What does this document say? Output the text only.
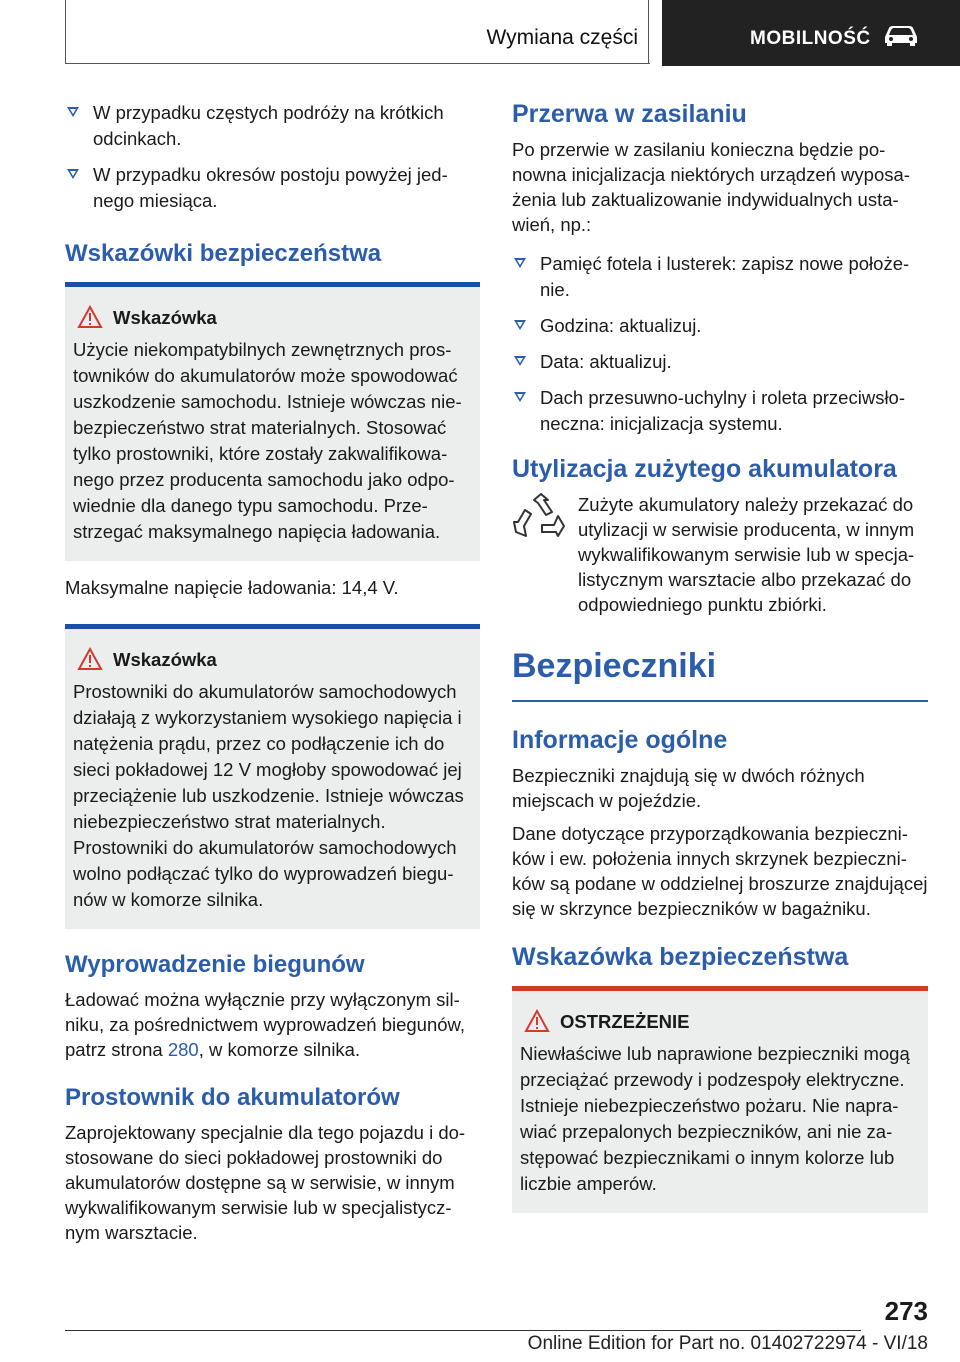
Wymiana części	MOBILNOŚĆ
W przypadku częstych podróży na krótkich odcinkach.
W przypadku okresów postoju powyżej jednego miesiąca.
Wskazówki bezpieczeństwa
Wskazówka

Użycie niekompatybilnych zewnętrznych prostowników do akumulatorów może spowodować uszkodzenie samochodu. Istnieje wówczas niebezpieczeństwo strat materialnych. Stosować tylko prostowniki, które zostały zakwalifikowanego przez producenta samochodu jako odpowiednie dla danego typu samochodu. Przestrzegać maksymalnego napięcia ładowania.

Maksymalne napięcie ładowania: 14,4 V.

Wskazówka

Prostowniki do akumulatorów samochodowych działają z wykorzystaniem wysokiego napięcia i natężenia prądu, przez co podłączenie ich do sieci pokładowej 12 V mogłoby spowodować jej przeciążenie lub uszkodzenie. Istnieje wówczas niebezpieczeństwo strat materialnych. Prostowniki do akumulatorów samochodowych wolno podłączać tylko do wyprowadzeń biegunów w komorze silnika.

Wyprowadzenie biegunów

Ładować można wyłącznie przy wyłączonym silniku, za pośrednictwem wyprowadzeń biegunów, patrz strona 280, w komorze silnika.

Prostownik do akumulatorów

Zaprojektowany specjalnie dla tego pojazdu i dostosowane do sieci pokładowej prostowniki do akumulatorów dostępne są w serwisie, w innym wykwalifikowanym serwisie lub w specjalistycznym warsztacie.

Przerwa w zasilaniu

Po przerwie w zasilaniu konieczna będzie ponowna inicjalizacja niektórych urządzeń wyposażenia lub zaktualizowanie indywidualnych ustawień, np.:

Pamięć fotela i lusterek: zapisz nowe położenie.
Godzina: aktualizuj.
Data: aktualizuj.
Dach przesuwno-uchylny i roleta przeciwsłoneczna: inicjalizacja systemu.
Utylizacja zużytego akumulatora

Zużyte akumulatory należy przekazać do utylizacji w serwisie producenta, w innym wykwalifikowanym serwisie lub w specjalistycznym warsztacie albo przekazać do odpowiedniego punktu zbiórki.

Bezpieczniki
Informacje ogólne

Bezpieczniki znajdują się w dwóch różnych miejscach w pojeździe.

Dane dotyczące przyporządkowania bezpieczników i ew. położenia innych skrzynek bezpieczników są podane w oddzielnej broszurze znajdującej się w skrzynce bezpieczników w bagażniku.

Wskazówka bezpieczeństwa
OSTRZEŻENIE

Niewłaściwe lub naprawione bezpieczniki mogą przeciążać przewody i podzespoły elektryczne. Istnieje niebezpieczeństwo pożaru. Nie naprawiać przepalonych bezpieczników, ani nie zastępować bezpiecznikami o innym kolorze lub liczbie amperów.

273
Online Edition for Part no. 01402722974 - VI/18
